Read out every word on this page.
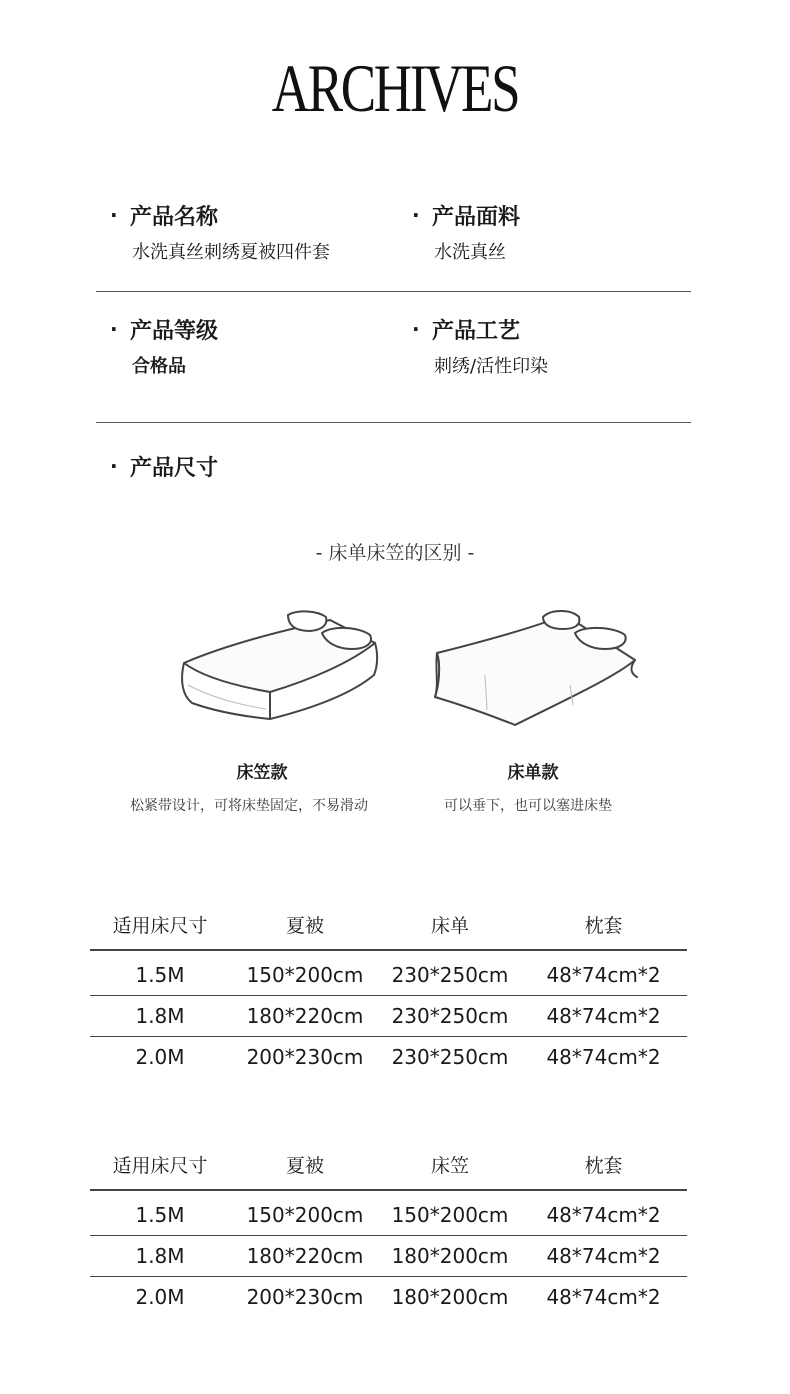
ARCHIVES
· 产品名称
水洗真丝刺绣夏被四件套
· 产品面料
水洗真丝
· 产品等级
合格品
· 产品工艺
刺绣/活性印染
· 产品尺寸
- 床单床笠的区别 -
床笠款
松紧带设计，可将床垫固定，不易滑动
床单款
可以垂下，也可以塞进床垫
适用床尺寸	夏被	床单	枕套
1.5M	150*200cm	230*250cm	48*74cm*2
1.8M	180*220cm	230*250cm	48*74cm*2
2.0M	200*230cm	230*250cm	48*74cm*2
适用床尺寸	夏被	床笠	枕套
1.5M	150*200cm	150*200cm	48*74cm*2
1.8M	180*220cm	180*200cm	48*74cm*2
2.0M	200*230cm	180*200cm	48*74cm*2
